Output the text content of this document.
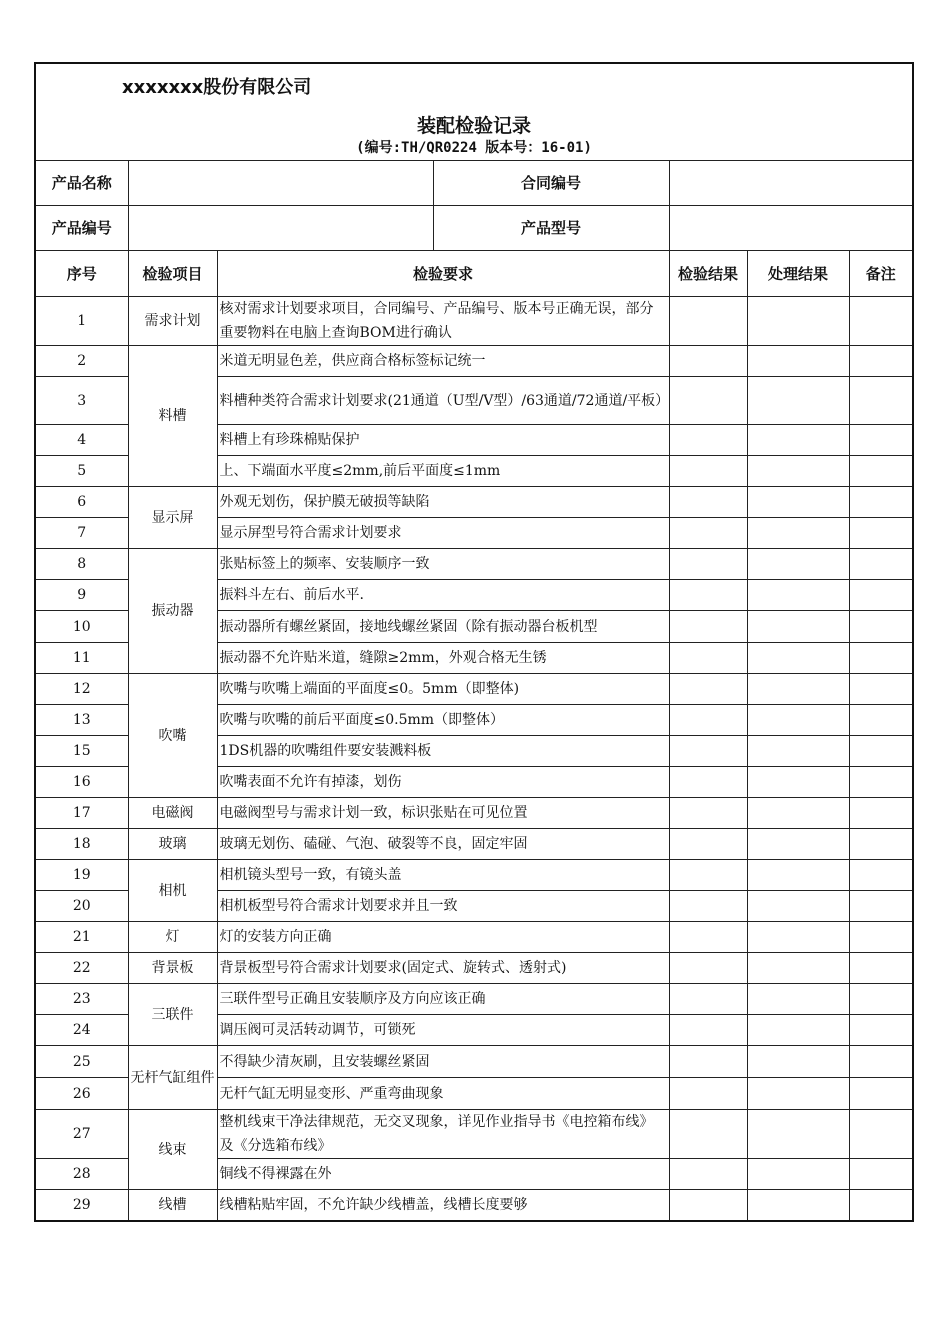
xxxxxxx股份有限公司
装配检验记录
(编号:TH/QR0224 版本号：16-01)						

产品名称			合同编号			
产品编号			产品型号			
序号	检验项目	检验要求		检验结果	处理结果	备注
1	需求计划	核对需求计划要求项目，合同编号、产品编号、版本号正确无误，部分重要物料在电脑上查询BOM进行确认				
2	料槽	米道无明显色差，供应商合格标签标记统一				
3		料槽种类符合需求计划要求(21通道（U型/V型）/63通道/72通道/平板）				
4		料槽上有珍珠棉贴保护				
5		上、下端面水平度≤2mm,前后平面度≤1mm				
6	显示屏	外观无划伤，保护膜无破损等缺陷				
7		显示屏型号符合需求计划要求				
8	振动器	张贴标签上的频率、安装顺序一致				
9		振料斗左右、前后水平.				
10		振动器所有螺丝紧固，接地线螺丝紧固（除有振动器台板机型				
11		振动器不允许贴米道，缝隙≥2mm，外观合格无生锈				
12	吹嘴	吹嘴与吹嘴上端面的平面度≤0。5mm（即整体)				
13		吹嘴与吹嘴的前后平面度≤0.5mm（即整体）				
15		1DS机器的吹嘴组件要安装溅料板				
16		吹嘴表面不允许有掉漆，划伤				
17	电磁阀	电磁阀型号与需求计划一致，标识张贴在可见位置				
18	玻璃	玻璃无划伤、磕碰、气泡、破裂等不良，固定牢固				
19	相机	相机镜头型号一致，有镜头盖				
20		相机板型号符合需求计划要求并且一致				
21	灯	灯的安装方向正确				
22	背景板	背景板型号符合需求计划要求(固定式、旋转式、透射式)				
23	三联件	三联件型号正确且安装顺序及方向应该正确				
24		调压阀可灵活转动调节，可锁死				
25	无杆气缸组件	不得缺少清灰刷，且安装螺丝紧固				
26		无杆气缸无明显变形、严重弯曲现象				
27	线束	整机线束干净法律规范，无交叉现象，详见作业指导书《电控箱布线》及《分选箱布线》				
28		铜线不得裸露在外				
29	线槽	线槽粘贴牢固，不允许缺少线槽盖，线槽长度要够				
